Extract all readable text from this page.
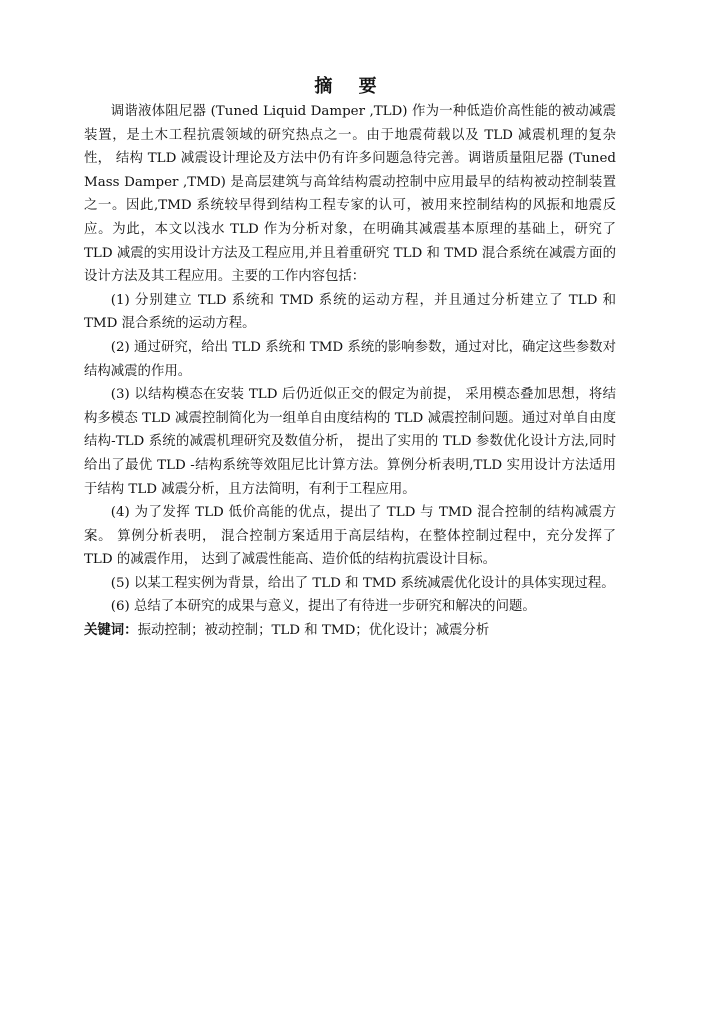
摘 要

调谐液体阻尼器 (Tuned Liquid Damper ,TLD) 作为一种低造价高性能的被动减震装置，是土木工程抗震领域的研究热点之一。由于地震荷载以及 TLD 减震机理的复杂性， 结构 TLD 减震设计理论及方法中仍有许多问题急待完善。调谐质量阻尼器 (Tuned Mass Damper ,TMD) 是高层建筑与高耸结构震动控制中应用最早的结构被动控制装置之一。因此,TMD 系统较早得到结构工程专家的认可，被用来控制结构的风振和地震反应。为此，本文以浅水 TLD 作为分析对象，在明确其减震基本原理的基础上，研究了 TLD 减震的实用设计方法及工程应用,并且着重研究 TLD 和 TMD 混合系统在减震方面的设计方法及其工程应用。主要的工作内容包括：

(1) 分别建立 TLD 系统和 TMD 系统的运动方程，并且通过分析建立了 TLD 和 TMD 混合系统的运动方程。

(2) 通过研究，给出 TLD 系统和 TMD 系统的影响参数，通过对比，确定这些参数对结构减震的作用。

(3) 以结构模态在安装 TLD 后仍近似正交的假定为前提， 采用模态叠加思想，将结构多模态 TLD 减震控制简化为一组单自由度结构的 TLD 减震控制问题。通过对单自由度结构-TLD 系统的减震机理研究及数值分析， 提出了实用的 TLD 参数优化设计方法,同时给出了最优 TLD -结构系统等效阻尼比计算方法。算例分析表明,TLD 实用设计方法适用于结构 TLD 减震分析，且方法简明，有利于工程应用。

(4) 为了发挥 TLD 低价高能的优点，提出了 TLD 与 TMD 混合控制的结构减震方案。 算例分析表明， 混合控制方案适用于高层结构，在整体控制过程中，充分发挥了 TLD 的减震作用， 达到了减震性能高、造价低的结构抗震设计目标。

(5) 以某工程实例为背景，给出了 TLD 和 TMD 系统减震优化设计的具体实现过程。

(6) 总结了本研究的成果与意义，提出了有待进一步研究和解决的问题。

关键词：振动控制；被动控制；TLD 和 TMD；优化设计；减震分析
